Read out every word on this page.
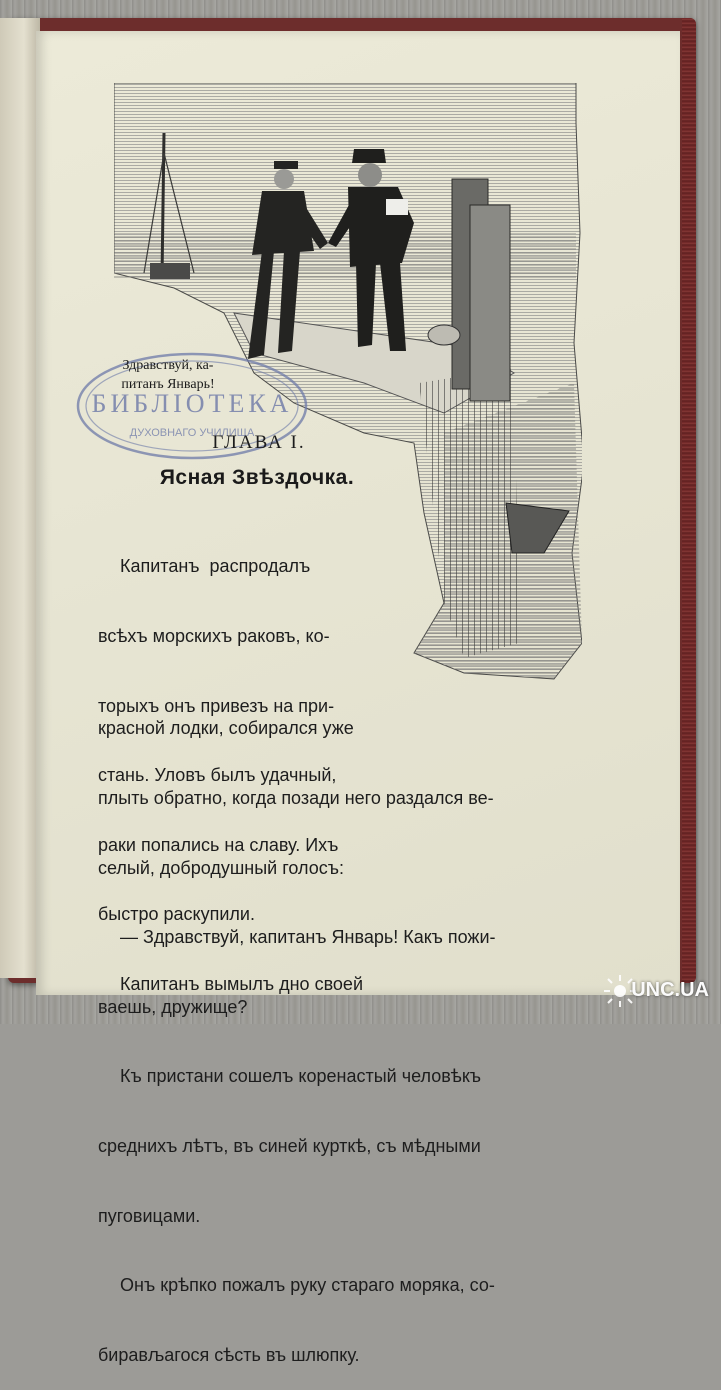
БИБЛІОТЕКА
ДУХОВНАГО УЧИЛИЩА
Здравствуй, ка-
питанъ Январь!
ГЛАВА I.
Ясная Звѣздочка.

Капитанъ  распродалъ

всѣхъ морскихъ раковъ, ко-

торыхъ онъ привезъ на при-

стань. Уловъ былъ удачный,

раки попались на славу. Ихъ

быстро раскупили.

Капитанъ вымылъ дно своей

красной лодки, собирался уже

плыть обратно, когда позади него раздался ве-

селый, добродушный голосъ:

— Здравствуй, капитанъ Январь! Какъ пожи-

ваешь, дружище?

Къ пристани сошелъ коренастый человѣкъ

среднихъ лѣтъ, въ синей курткѣ, съ мѣдными

пуговицами.

Онъ крѣпко пожалъ руку стараго моряка, со-

бирављагося сѣсть въ шлюпку.

UNC.UA
